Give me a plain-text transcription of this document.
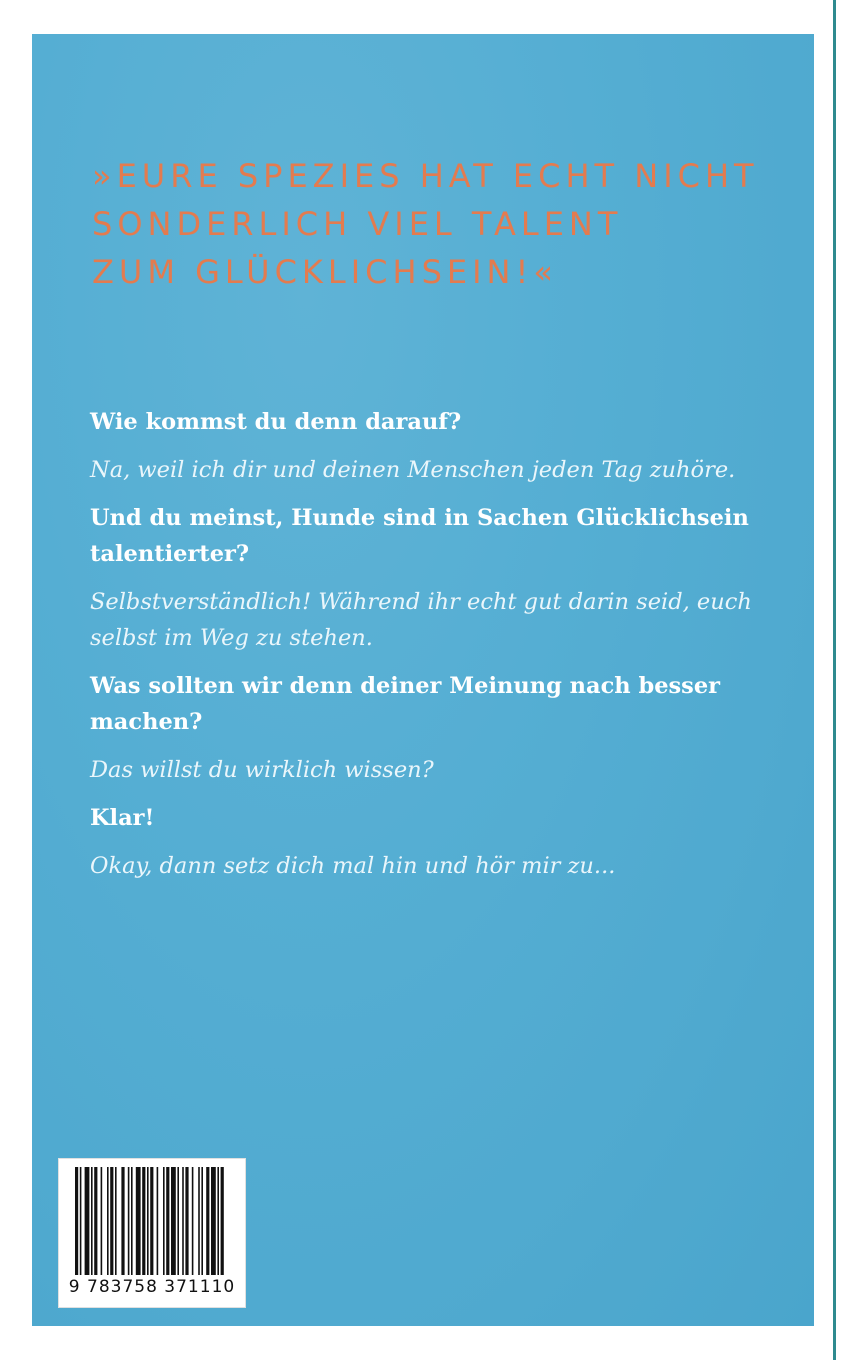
»EURE SPEZIES HAT ECHT NICHT
SONDERLICH VIEL TALENT
ZUM GLÜCKLICHSEIN!«

Wie kommst du denn darauf?

Na, weil ich dir und deinen Menschen jeden Tag zuhöre.

Und du meinst, Hunde sind in Sachen Glücklichsein talentierter?

Selbstverständlich! Während ihr echt gut darin seid, euch selbst im Weg zu stehen.

Was sollten wir denn deiner Meinung nach besser machen?

Das willst du wirklich wissen?

Klar!

Okay, dann setz dich mal hin und hör mir zu...

9 783758 371110
